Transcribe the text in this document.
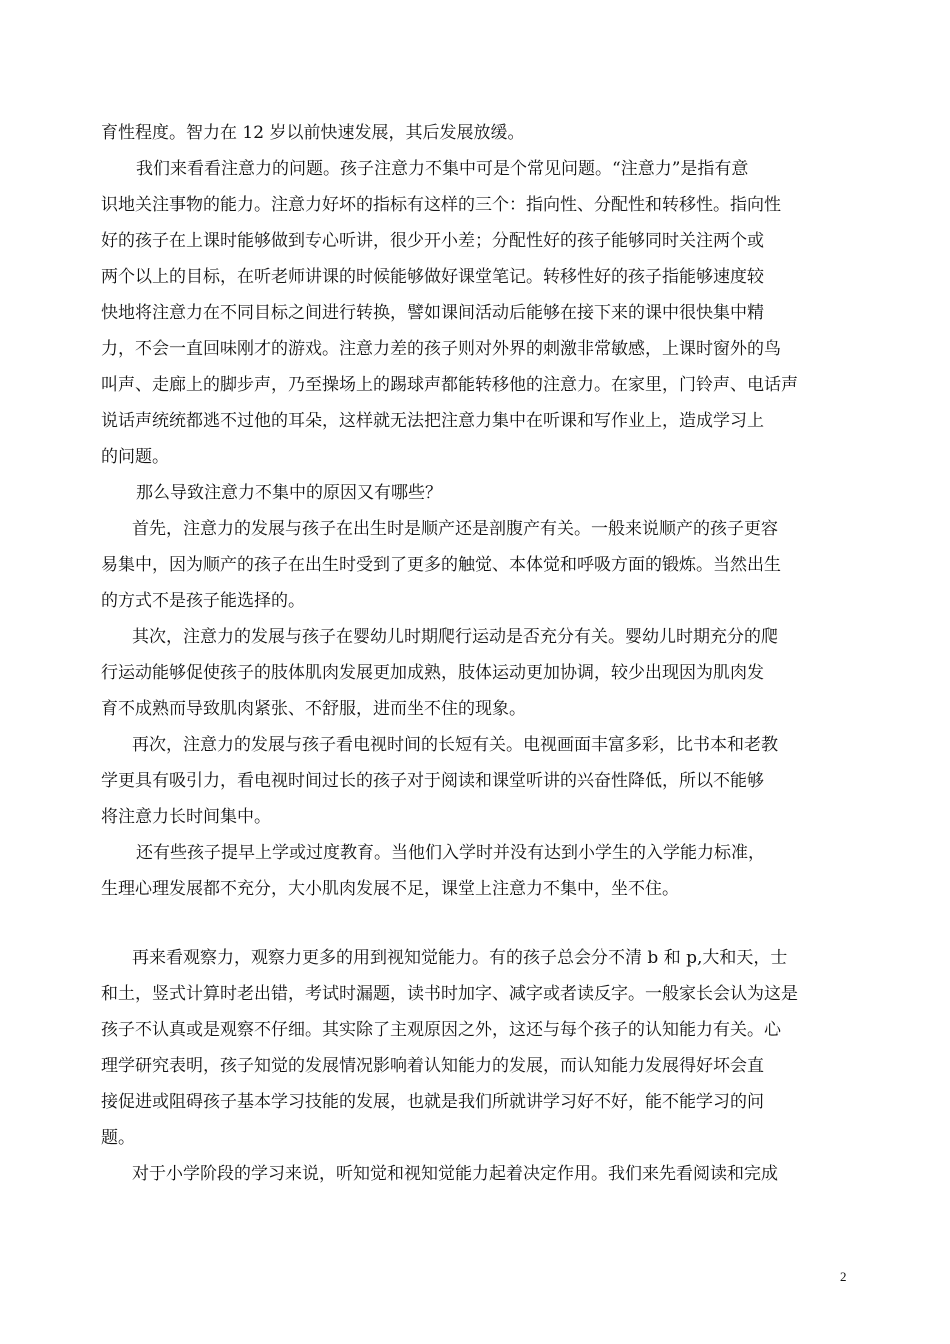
育性程度。智力在 12 岁以前快速发展，其后发展放缓。

我们来看看注意力的问题。孩子注意力不集中可是个常见问题。“注意力”是指有意

识地关注事物的能力。注意力好坏的指标有这样的三个：指向性、分配性和转移性。指向性

好的孩子在上课时能够做到专心听讲，很少开小差；分配性好的孩子能够同时关注两个或

两个以上的目标，在听老师讲课的时候能够做好课堂笔记。转移性好的孩子指能够速度较

快地将注意力在不同目标之间进行转换，譬如课间活动后能够在接下来的课中很快集中精

力，不会一直回味刚才的游戏。注意力差的孩子则对外界的刺激非常敏感，上课时窗外的鸟

叫声、走廊上的脚步声，乃至操场上的踢球声都能转移他的注意力。在家里，门铃声、电话声

说话声统统都逃不过他的耳朵，这样就无法把注意力集中在听课和写作业上，造成学习上

的问题。

那么导致注意力不集中的原因又有哪些？

首先，注意力的发展与孩子在出生时是顺产还是剖腹产有关。一般来说顺产的孩子更容

易集中，因为顺产的孩子在出生时受到了更多的触觉、本体觉和呼吸方面的锻炼。当然出生

的方式不是孩子能选择的。

其次，注意力的发展与孩子在婴幼儿时期爬行运动是否充分有关。婴幼儿时期充分的爬

行运动能够促使孩子的肢体肌肉发展更加成熟，肢体运动更加协调，较少出现因为肌肉发

育不成熟而导致肌肉紧张、不舒服，进而坐不住的现象。

再次，注意力的发展与孩子看电视时间的长短有关。电视画面丰富多彩，比书本和老教

学更具有吸引力，看电视时间过长的孩子对于阅读和课堂听讲的兴奋性降低，所以不能够

将注意力长时间集中。

还有些孩子提早上学或过度教育。当他们入学时并没有达到小学生的入学能力标准，

生理心理发展都不充分，大小肌肉发展不足，课堂上注意力不集中，坐不住。

再来看观察力，观察力更多的用到视知觉能力。有的孩子总会分不清 b 和 p,大和天，士

和土，竖式计算时老出错，考试时漏题，读书时加字、减字或者读反字。一般家长会认为这是

孩子不认真或是观察不仔细。其实除了主观原因之外，这还与每个孩子的认知能力有关。心

理学研究表明，孩子知觉的发展情况影响着认知能力的发展，而认知能力发展得好坏会直

接促进或阻碍孩子基本学习技能的发展，也就是我们所就讲学习好不好，能不能学习的问

题。

对于小学阶段的学习来说，听知觉和视知觉能力起着决定作用。我们来先看阅读和完成

2
